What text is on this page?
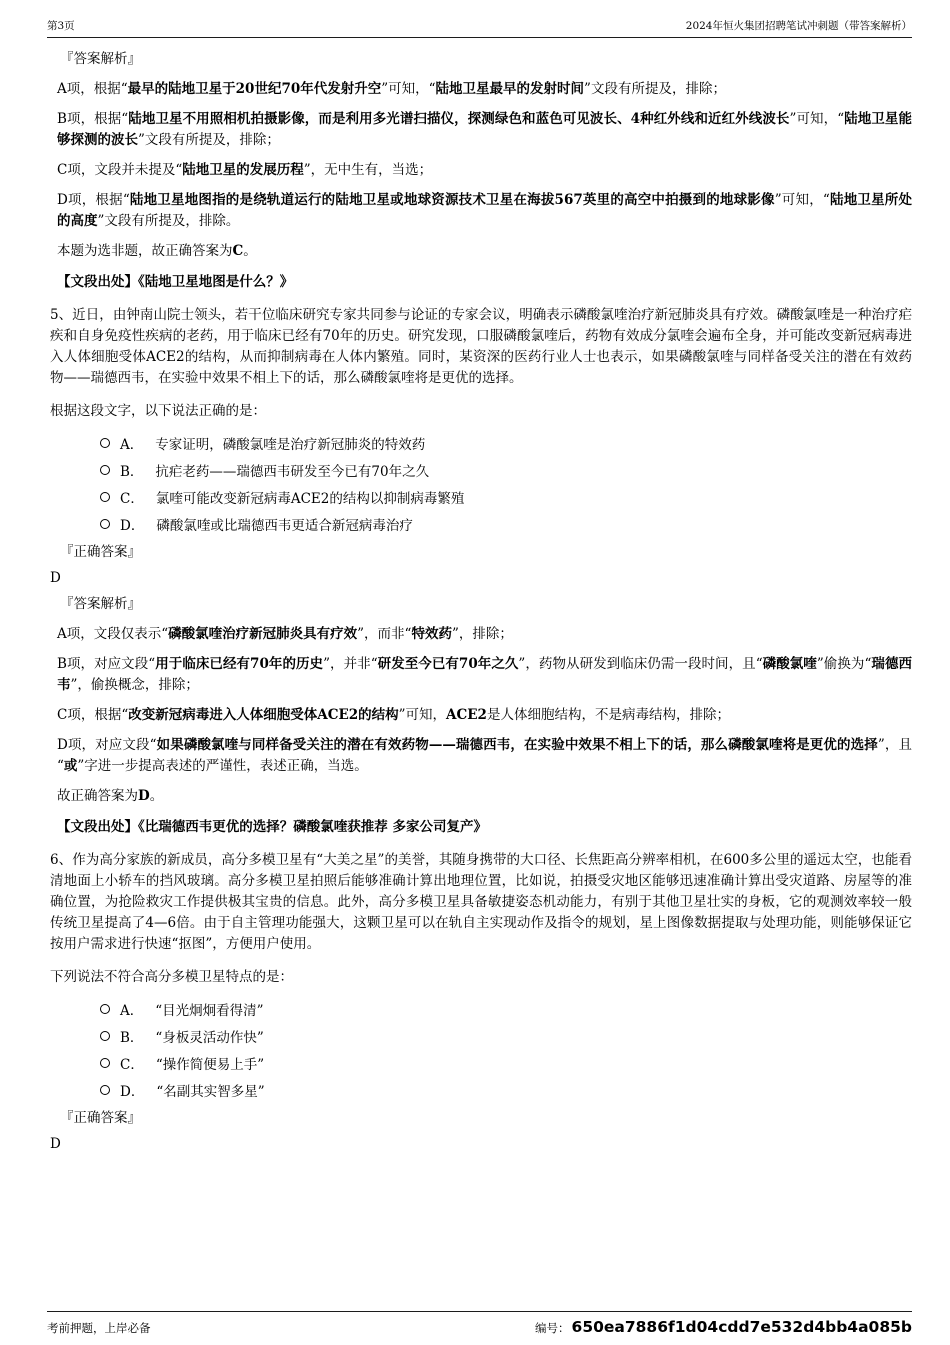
第3页	2024年恒火集团招聘笔试冲刺题（带答案解析）

『答案解析』

A项，根据“最早的陆地卫星于20世纪70年代发射升空”可知，“陆地卫星最早的发射时间”文段有所提及，排除；

B项，根据“陆地卫星不用照相机拍摄影像，而是利用多光谱扫描仪，探测绿色和蓝色可见波长、4种红外线和近红外线波长”可知，“陆地卫星能够探测的波长”文段有所提及，排除；

C项，文段并未提及“陆地卫星的发展历程”，无中生有，当选；

D项，根据“陆地卫星地图指的是绕轨道运行的陆地卫星或地球资源技术卫星在海拔567英里的高空中拍摄到的地球影像”可知，“陆地卫星所处的高度”文段有所提及，排除。

本题为选非题，故正确答案为C。

【文段出处】《陆地卫星地图是什么？》

5、近日，由钟南山院士领头，若干位临床研究专家共同参与论证的专家会议，明确表示磷酸氯喹治疗新冠肺炎具有疗效。磷酸氯喹是一种治疗疟疾和自身免疫性疾病的老药，用于临床已经有70年的历史。研究发现，口服磷酸氯喹后，药物有效成分氯喹会遍布全身，并可能改变新冠病毒进入人体细胞受体ACE2的结构，从而抑制病毒在人体内繁殖。同时，某资深的医药行业人士也表示，如果磷酸氯喹与同样备受关注的潜在有效药物——瑞德西韦，在实验中效果不相上下的话，那么磷酸氯喹将是更优的选择。

根据这段文字，以下说法正确的是：

A． 专家证明，磷酸氯喹是治疗新冠肺炎的特效药
B． 抗疟老药——瑞德西韦研发至今已有70年之久
C． 氯喹可能改变新冠病毒ACE2的结构以抑制病毒繁殖
D． 磷酸氯喹或比瑞德西韦更适合新冠病毒治疗

『正确答案』

D

『答案解析』

A项，文段仅表示“磷酸氯喹治疗新冠肺炎具有疗效”，而非“特效药”，排除；

B项，对应文段“用于临床已经有70年的历史”，并非“研发至今已有70年之久”，药物从研发到临床仍需一段时间，且“磷酸氯喹”偷换为“瑞德西韦”，偷换概念，排除；

C项，根据“改变新冠病毒进入人体细胞受体ACE2的结构”可知，ACE2是人体细胞结构，不是病毒结构，排除；

D项，对应文段“如果磷酸氯喹与同样备受关注的潜在有效药物——瑞德西韦，在实验中效果不相上下的话，那么磷酸氯喹将是更优的选择”，且“或”字进一步提高表述的严谨性，表述正确，当选。

故正确答案为D。

【文段出处】《比瑞德西韦更优的选择？磷酸氯喹获推荐 多家公司复产》

6、作为高分家族的新成员，高分多模卫星有“大美之星”的美誉，其随身携带的大口径、长焦距高分辨率相机，在600多公里的遥远太空，也能看清地面上小轿车的挡风玻璃。高分多模卫星拍照后能够准确计算出地理位置，比如说，拍摄受灾地区能够迅速准确计算出受灾道路、房屋等的准确位置，为抢险救灾工作提供极其宝贵的信息。此外，高分多模卫星具备敏捷姿态机动能力，有别于其他卫星壮实的身板，它的观测效率较一般传统卫星提高了4—6倍。由于自主管理功能强大，这颗卫星可以在轨自主实现动作及指令的规划，星上图像数据提取与处理功能，则能够保证它按用户需求进行快速“抠图”，方便用户使用。

下列说法不符合高分多模卫星特点的是：

A． “目光炯炯看得清”
B． “身板灵活动作快”
C． “操作简便易上手”
D． “名副其实智多星”

『正确答案』

D

考前押题，上岸必备	编号： 650ea7886f1d04cdd7e532d4bb4a085b
